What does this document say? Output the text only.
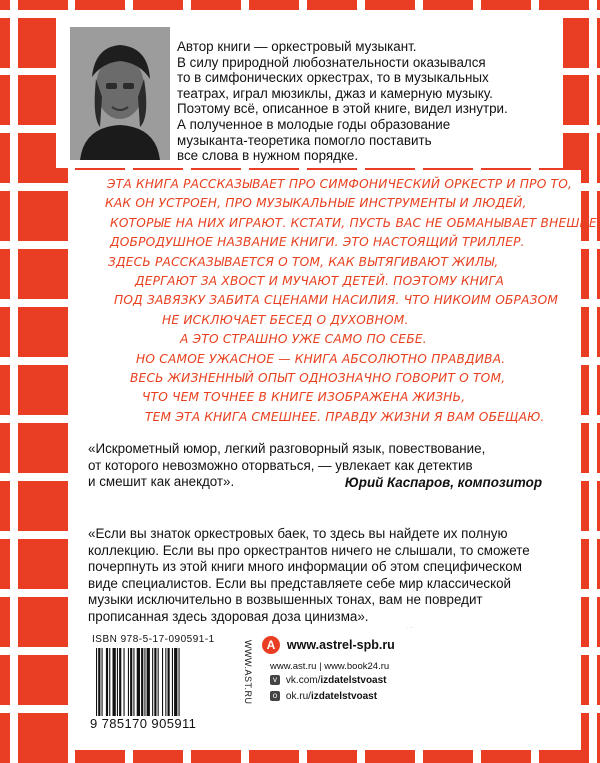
Автор книги — оркестровый музыкант.
В силу природной любознательности оказывался
то в симфонических оркестрах, то в музыкальных
театрах, играл мюзиклы, джаз и камерную музыку.
Поэтому всё, описанное в этой книге, видел изнутри.
А полученное в молодые годы образование
музыканта-теоретика помогло поставить
все слова в нужном порядке.
ЭТА КНИГА РАССКАЗЫВАЕТ ПРО СИМФОНИЧЕСКИЙ ОРКЕСТР И ПРО ТО,
КАК ОН УСТРОЕН, ПРО МУЗЫКАЛЬНЫЕ ИНСТРУМЕНТЫ И ЛЮДЕЙ,
КОТОРЫЕ НА НИХ ИГРАЮТ. КСТАТИ, ПУСТЬ ВАС НЕ ОБМАНЫВАЕТ ВНЕШНЕ
ДОБРОДУШНОЕ НАЗВАНИЕ КНИГИ. ЭТО НАСТОЯЩИЙ ТРИЛЛЕР.
ЗДЕСЬ РАССКАЗЫВАЕТСЯ О ТОМ, КАК ВЫТЯГИВАЮТ ЖИЛЫ,
ДЕРГАЮТ ЗА ХВОСТ И МУЧАЮТ ДЕТЕЙ. ПОЭТОМУ КНИГА
ПОД ЗАВЯЗКУ ЗАБИТА СЦЕНАМИ НАСИЛИЯ. ЧТО НИКОИМ ОБРАЗОМ
НЕ ИСКЛЮЧАЕТ БЕСЕД О ДУХОВНОМ.
А ЭТО СТРАШНО УЖЕ САМО ПО СЕБЕ.
НО САМОЕ УЖАСНОЕ — КНИГА АБСОЛЮТНО ПРАВДИВА.
ВЕСЬ ЖИЗНЕННЫЙ ОПЫТ ОДНОЗНАЧНО ГОВОРИТ О ТОМ,
ЧТО ЧЕМ ТОЧНЕЕ В КНИГЕ ИЗОБРАЖЕНА ЖИЗНЬ,
ТЕМ ЭТА КНИГА СМЕШНЕЕ. ПРАВДУ ЖИЗНИ Я ВАМ ОБЕЩАЮ.
«Искрометный юмор, легкий разговорный язык, повествование,
от которого невозможно оторваться, — увлекает как детектив
и смешит как анекдот».	Юрий Каспаров, композитор
«Если вы знаток оркестровых баек, то здесь вы найдете их полную
коллекцию. Если вы про оркестрантов ничего не слышали, то сможете
почерпнуть из этой книги много информации об этом специфическом
виде специалистов. Если вы представляете себе мир классической
музыки исключительно в возвышенных тонах, вам не повредит
прописанная здесь здоровая доза цинизма».
ISBN 978-5-17-090591-1
9 785170 905911
WWW.AST.RU	A www.astrel-spb.ru
www.ast.ru | www.book24.ru
v vk.com/izdatelstvoast
o ok.ru/izdatelstvoast
